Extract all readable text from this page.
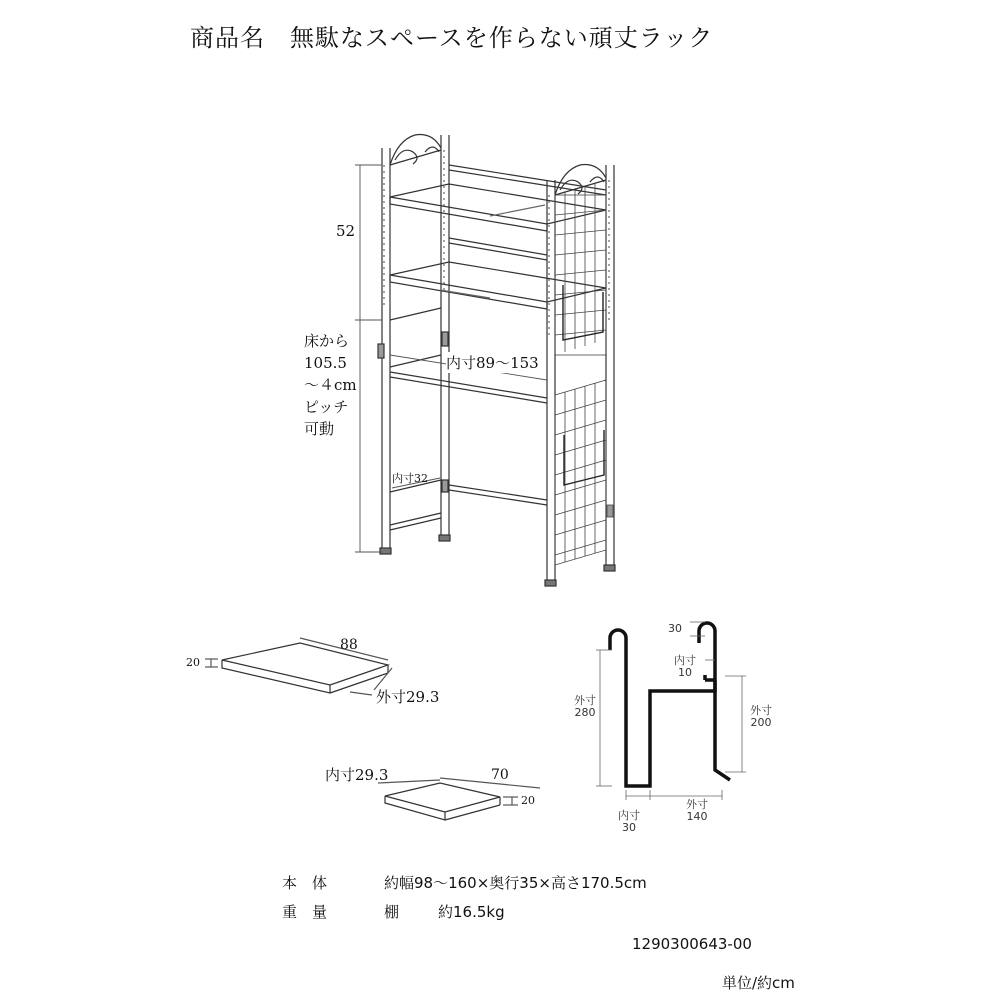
商品名　無駄なスペースを作らない頑丈ラック
52
床から
105.5
～４cm
ピッチ
可動
内寸89～153
内寸32
88
20
外寸29.3
内寸29.3	70
20
30
内寸
10
外寸
280	外寸
200
内寸
30
外寸
140
本　体	約幅98～160×奥行35×高さ170.5cm
重　量	棚	約16.5kg
1290300643-00
単位/約cm
